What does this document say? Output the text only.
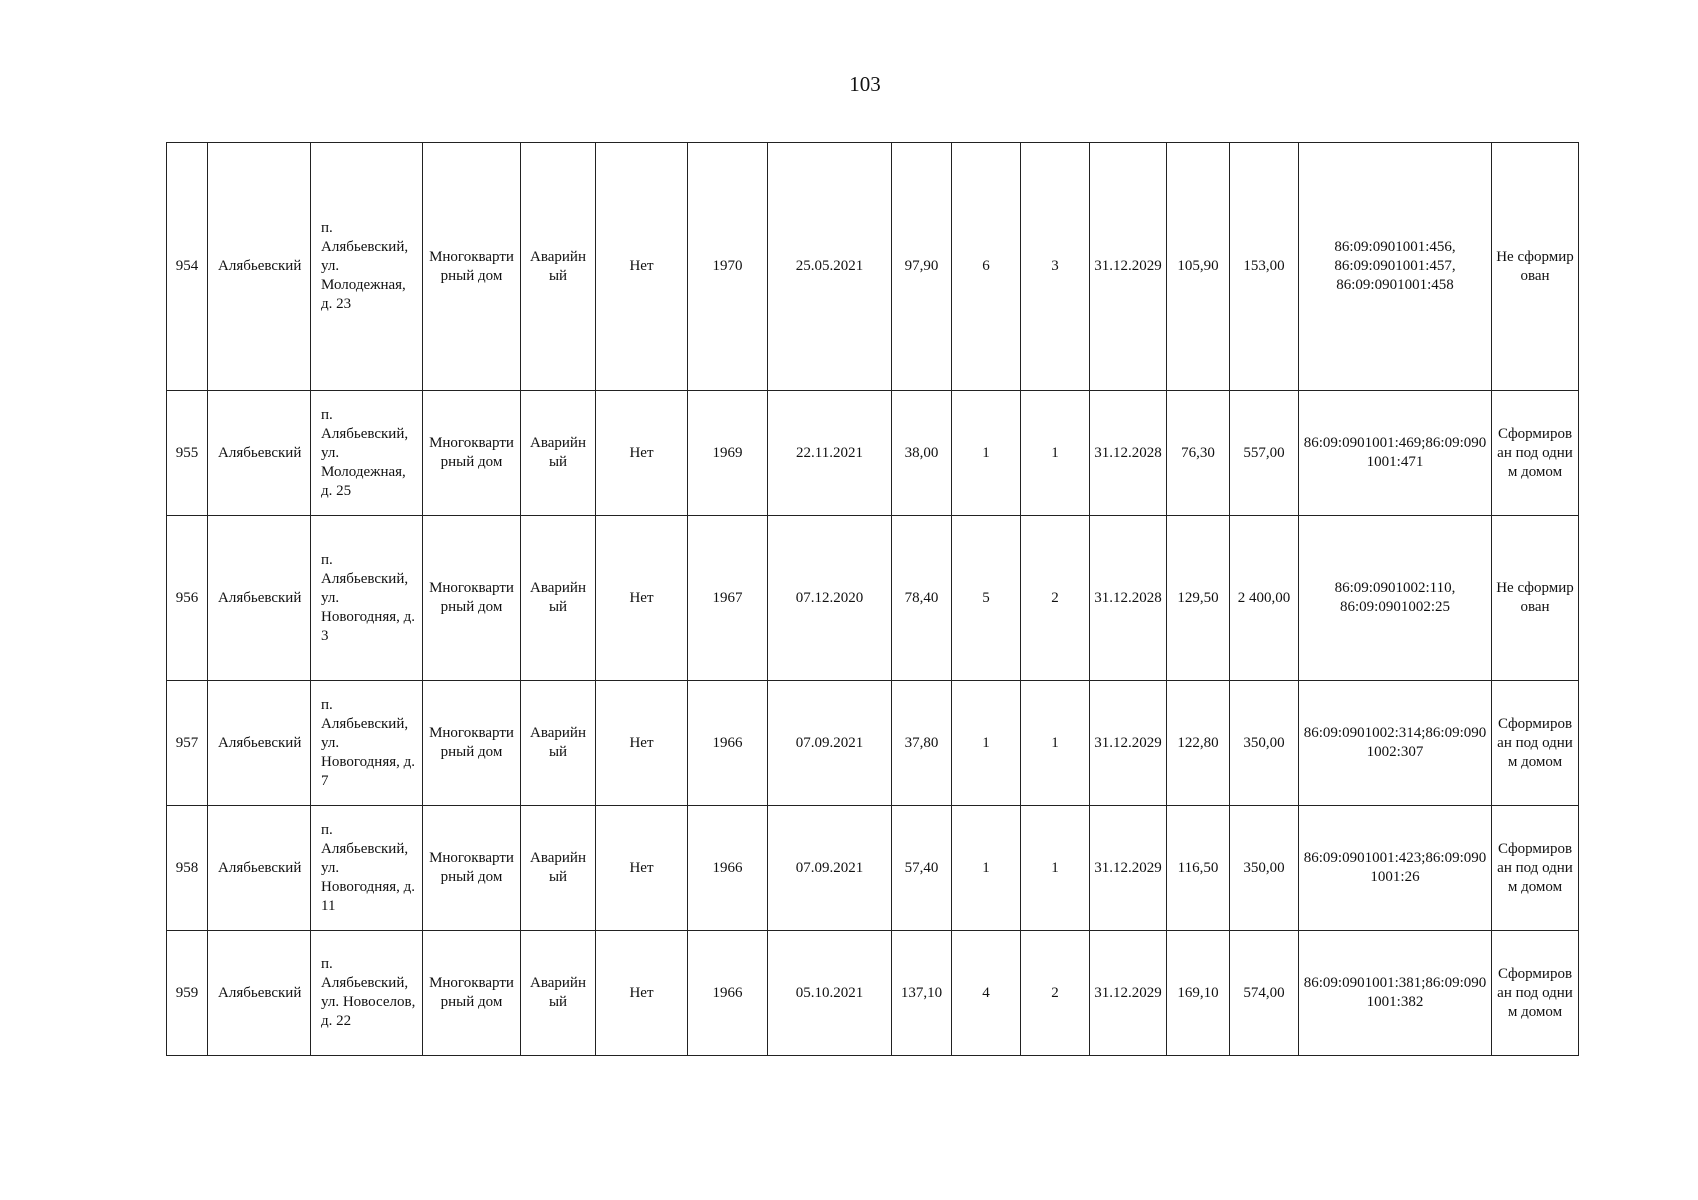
103
954	Алябьевский	п. Алябьевский, ул. Молодежная, д. 23	Многоквартирный дом	Аварийный	Нет	1970	25.05.2021	97,90	6	3	31.12.2029	105,90	153,00	86:09:0901001:456, 86:09:0901001:457, 86:09:0901001:458	Не сформирован
955	Алябьевский	п. Алябьевский, ул. Молодежная, д. 25	Многоквартирный дом	Аварийный	Нет	1969	22.11.2021	38,00	1	1	31.12.2028	76,30	557,00	86:09:0901001:469;86:09:0901001:471	Сформирован под одним домом
956	Алябьевский	п. Алябьевский, ул. Новогодняя, д. 3	Многоквартирный дом	Аварийный	Нет	1967	07.12.2020	78,40	5	2	31.12.2028	129,50	2 400,00	86:09:0901002:110, 86:09:0901002:25	Не сформирован
957	Алябьевский	п. Алябьевский, ул. Новогодняя, д. 7	Многоквартирный дом	Аварийный	Нет	1966	07.09.2021	37,80	1	1	31.12.2029	122,80	350,00	86:09:0901002:314;86:09:0901002:307	Сформирован под одним домом
958	Алябьевский	п. Алябьевский, ул. Новогодняя, д. 11	Многоквартирный дом	Аварийный	Нет	1966	07.09.2021	57,40	1	1	31.12.2029	116,50	350,00	86:09:0901001:423;86:09:0901001:26	Сформирован под одним домом
959	Алябьевский	п. Алябьевский, ул. Новоселов, д. 22	Многоквартирный дом	Аварийный	Нет	1966	05.10.2021	137,10	4	2	31.12.2029	169,10	574,00	86:09:0901001:381;86:09:0901001:382	Сформирован под одним домом
